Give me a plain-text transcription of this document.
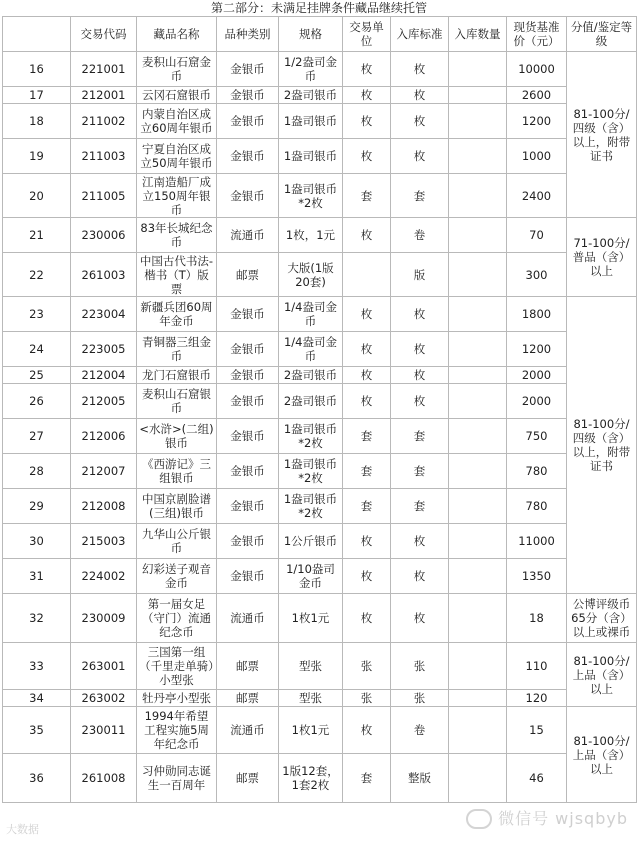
第二部分：未满足挂牌条件藏品继续托管
	交易代码	藏品名称	品种类别	规格	交易单位	入库标准	入库数量	现货基准价（元）	分值/鉴定等级
16	221001	麦积山石窟金币	金银币	1/2盎司金币	枚	枚		10000	81-100分/四级（含）以上，附带证书
17	212001	云冈石窟银币	金银币	2盎司银币	枚	枚		2600	
18	211002	内蒙自治区成立60周年银币	金银币	1盎司银币	枚	枚		1200	
19	211003	宁夏自治区成立50周年银币	金银币	1盎司银币	枚	枚		1000	
20	211005	江南造船厂成立150周年银币	金银币	1盎司银币*2枚	套	套		2400	
21	230006	83年长城纪念币	流通币	1枚，1元	枚	卷		70	71-100分/普品（含）以上
22	261003	中国古代书法-楷书（T）版票	邮票	大版(1版20套)		版		300	
23	223004	新疆兵团60周年金币	金银币	1/4盎司金币	枚	枚		1800	81-100分/四级（含）以上，附带证书
24	223005	青铜器三组金币	金银币	1/4盎司金币	枚	枚		1200	
25	212004	龙门石窟银币	金银币	2盎司银币	枚	枚		2000	
26	212005	麦积山石窟银币	金银币	2盎司银币	枚	枚		2000	
27	212006	<水浒>(二组)银币	金银币	1盎司银币*2枚	套	套		750	
28	212007	《西游记》三组银币	金银币	1盎司银币*2枚	套	套		780	
29	212008	中国京剧脸谱(三组)银币	金银币	1盎司银币*2枚	套	套		780	
30	215003	九华山公斤银币	金银币	1公斤银币	枚	枚		11000	
31	224002	幻彩送子观音金币	金银币	1/10盎司金币	枚	枚		1350	
32	230009	第一届女足（守门）流通纪念币	流通币	1枚1元	枚	枚		18	公博评级币65分（含）以上或裸币
33	263001	三国第一组（千里走单骑）小型张	邮票	型张	张	张		110	81-100分/上品（含）以上
34	263002	牡丹亭小型张	邮票	型张	张	张		120	
35	230011	1994年希望工程实施5周年纪念币	流通币	1枚1元	枚	卷		15	81-100分/上品（含）以上
36	261008	习仲勋同志诞生一百周年	邮票	1版12套，1套2枚	套	整版		46	
微信号 wjsqbyb
大数据
